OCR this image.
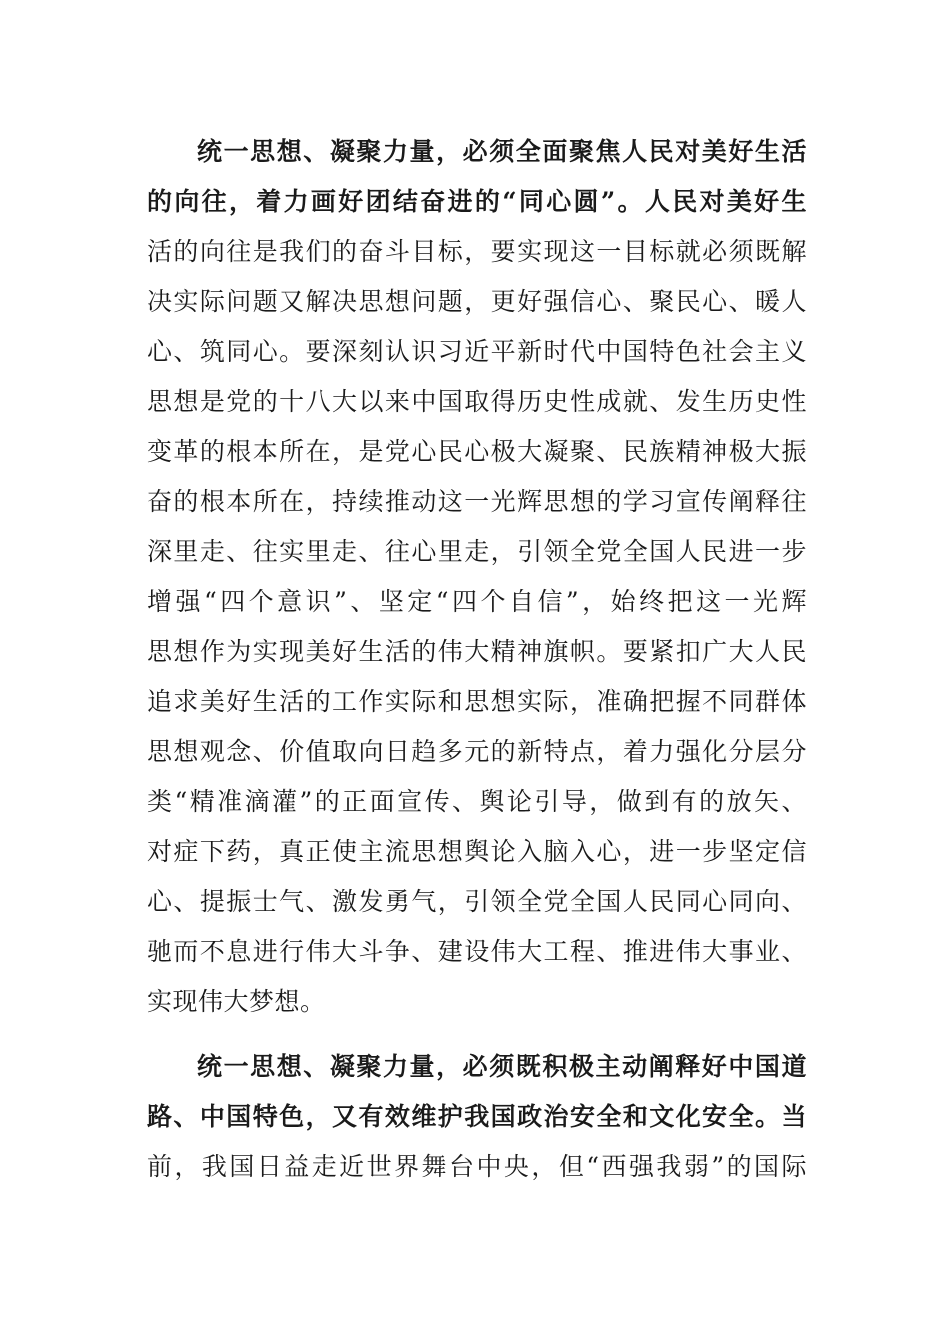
统一思想、凝聚力量，必须全面聚焦人民对美好生活
的向往，着力画好团结奋进的“同心圆”。人民对美好生
活的向往是我们的奋斗目标，要实现这一目标就必须既解
决实际问题又解决思想问题，更好强信心、聚民心、暖人
心、筑同心。要深刻认识习近平新时代中国特色社会主义
思想是党的十八大以来中国取得历史性成就、发生历史性
变革的根本所在，是党心民心极大凝聚、民族精神极大振
奋的根本所在，持续推动这一光辉思想的学习宣传阐释往
深里走、往实里走、往心里走，引领全党全国人民进一步
增强“四个意识”、坚定“四个自信”，始终把这一光辉
思想作为实现美好生活的伟大精神旗帜。要紧扣广大人民
追求美好生活的工作实际和思想实际，准确把握不同群体
思想观念、价值取向日趋多元的新特点，着力强化分层分
类“精准滴灌”的正面宣传、舆论引导，做到有的放矢、
对症下药，真正使主流思想舆论入脑入心，进一步坚定信
心、提振士气、激发勇气，引领全党全国人民同心同向、
驰而不息进行伟大斗争、建设伟大工程、推进伟大事业、
实现伟大梦想。
统一思想、凝聚力量，必须既积极主动阐释好中国道
路、中国特色，又有效维护我国政治安全和文化安全。当
前，我国日益走近世界舞台中央，但“西强我弱”的国际
